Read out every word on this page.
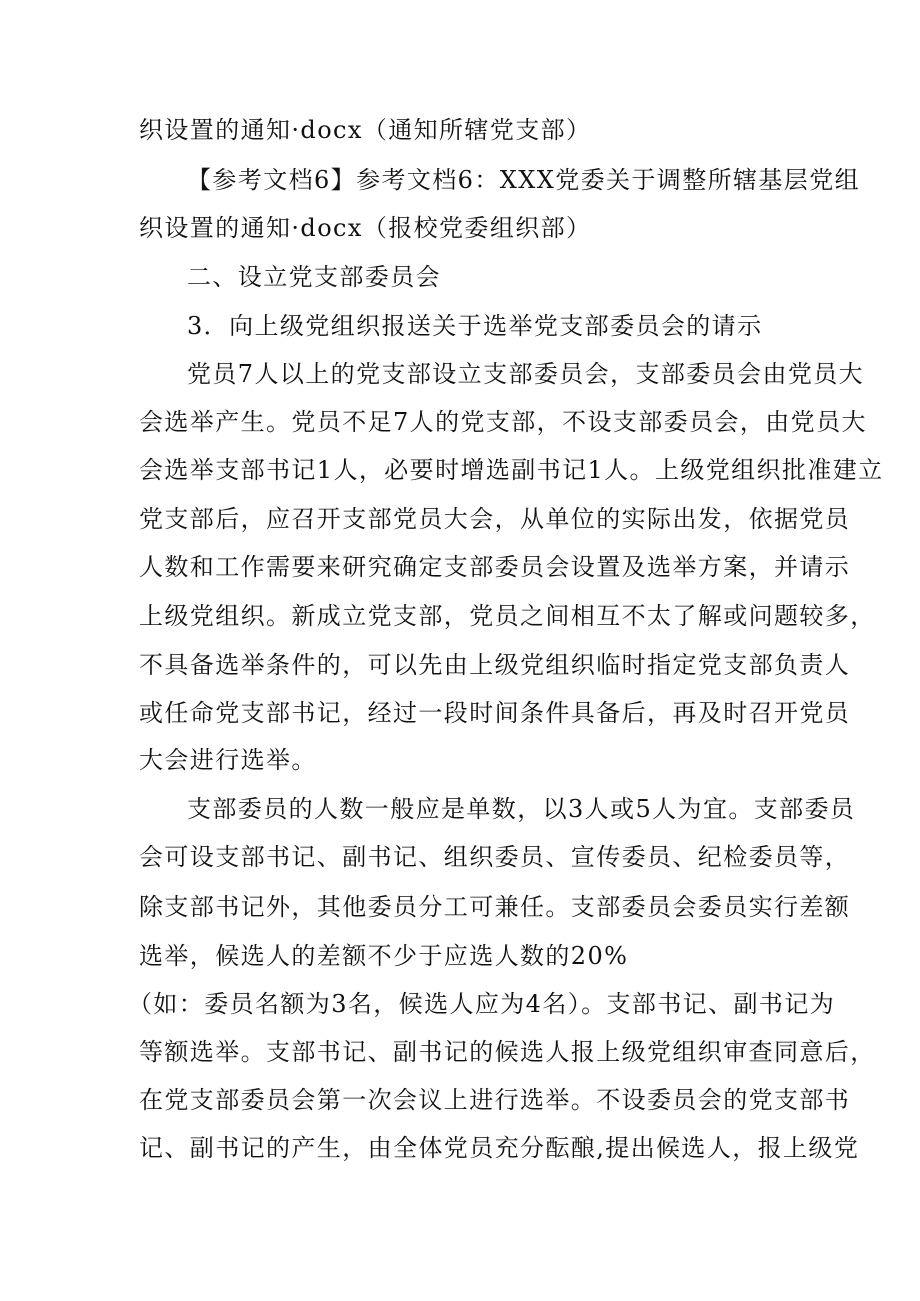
织设置的通知·docx（通知所辖党支部）
【参考文档6】参考文档6：XXX党委关于调整所辖基层党组
织设置的通知·docx（报校党委组织部）
二、设立党支部委员会
3．向上级党组织报送关于选举党支部委员会的请示
党员7人以上的党支部设立支部委员会，支部委员会由党员大
会选举产生。党员不足7人的党支部，不设支部委员会，由党员大
会选举支部书记1人，必要时增选副书记1人。上级党组织批准建立
党支部后，应召开支部党员大会，从单位的实际出发，依据党员
人数和工作需要来研究确定支部委员会设置及选举方案，并请示
上级党组织。新成立党支部，党员之间相互不太了解或问题较多，
不具备选举条件的，可以先由上级党组织临时指定党支部负责人
或任命党支部书记，经过一段时间条件具备后，再及时召开党员
大会进行选举。
支部委员的人数一般应是单数，以3人或5人为宜。支部委员
会可设支部书记、副书记、组织委员、宣传委员、纪检委员等，
除支部书记外，其他委员分工可兼任。支部委员会委员实行差额
选举，候选人的差额不少于应选人数的20%
（如：委员名额为3名，候选人应为4名）。支部书记、副书记为
等额选举。支部书记、副书记的候选人报上级党组织审查同意后，
在党支部委员会第一次会议上进行选举。不设委员会的党支部书
记、副书记的产生，由全体党员充分酝酿,提出候选人，报上级党
